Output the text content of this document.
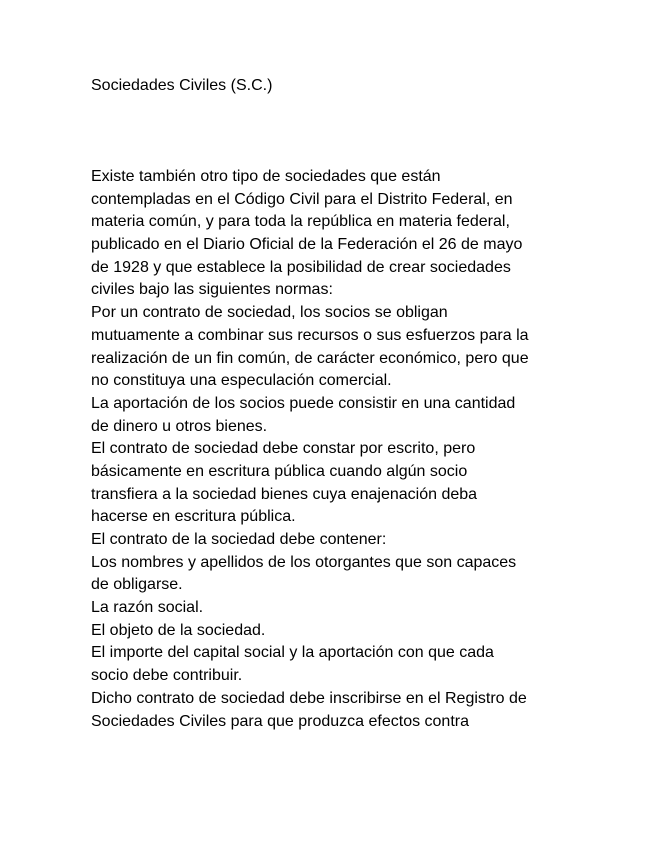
Sociedades Civiles (S.C.)
Existe también otro tipo de sociedades que están
contempladas en el Código Civil para el Distrito Federal, en
materia común, y para toda la república en materia federal,
publicado en el Diario Oficial de la Federación el 26 de mayo
de 1928 y que establece la posibilidad de crear sociedades
civiles bajo las siguientes normas:
Por un contrato de sociedad, los socios se obligan
mutuamente a combinar sus recursos o sus esfuerzos para la
realización de un fin común, de carácter económico, pero que
no constituya una especulación comercial.
La aportación de los socios puede consistir en una cantidad
de dinero u otros bienes.
El contrato de sociedad debe constar por escrito, pero
básicamente en escritura pública cuando algún socio
transfiera a la sociedad bienes cuya enajenación deba
hacerse en escritura pública.
El contrato de la sociedad debe contener:
Los nombres y apellidos de los otorgantes que son capaces
de obligarse.
La razón social.
El objeto de la sociedad.
El importe del capital social y la aportación con que cada
socio debe contribuir.
Dicho contrato de sociedad debe inscribirse en el Registro de
Sociedades Civiles para que produzca efectos contra
